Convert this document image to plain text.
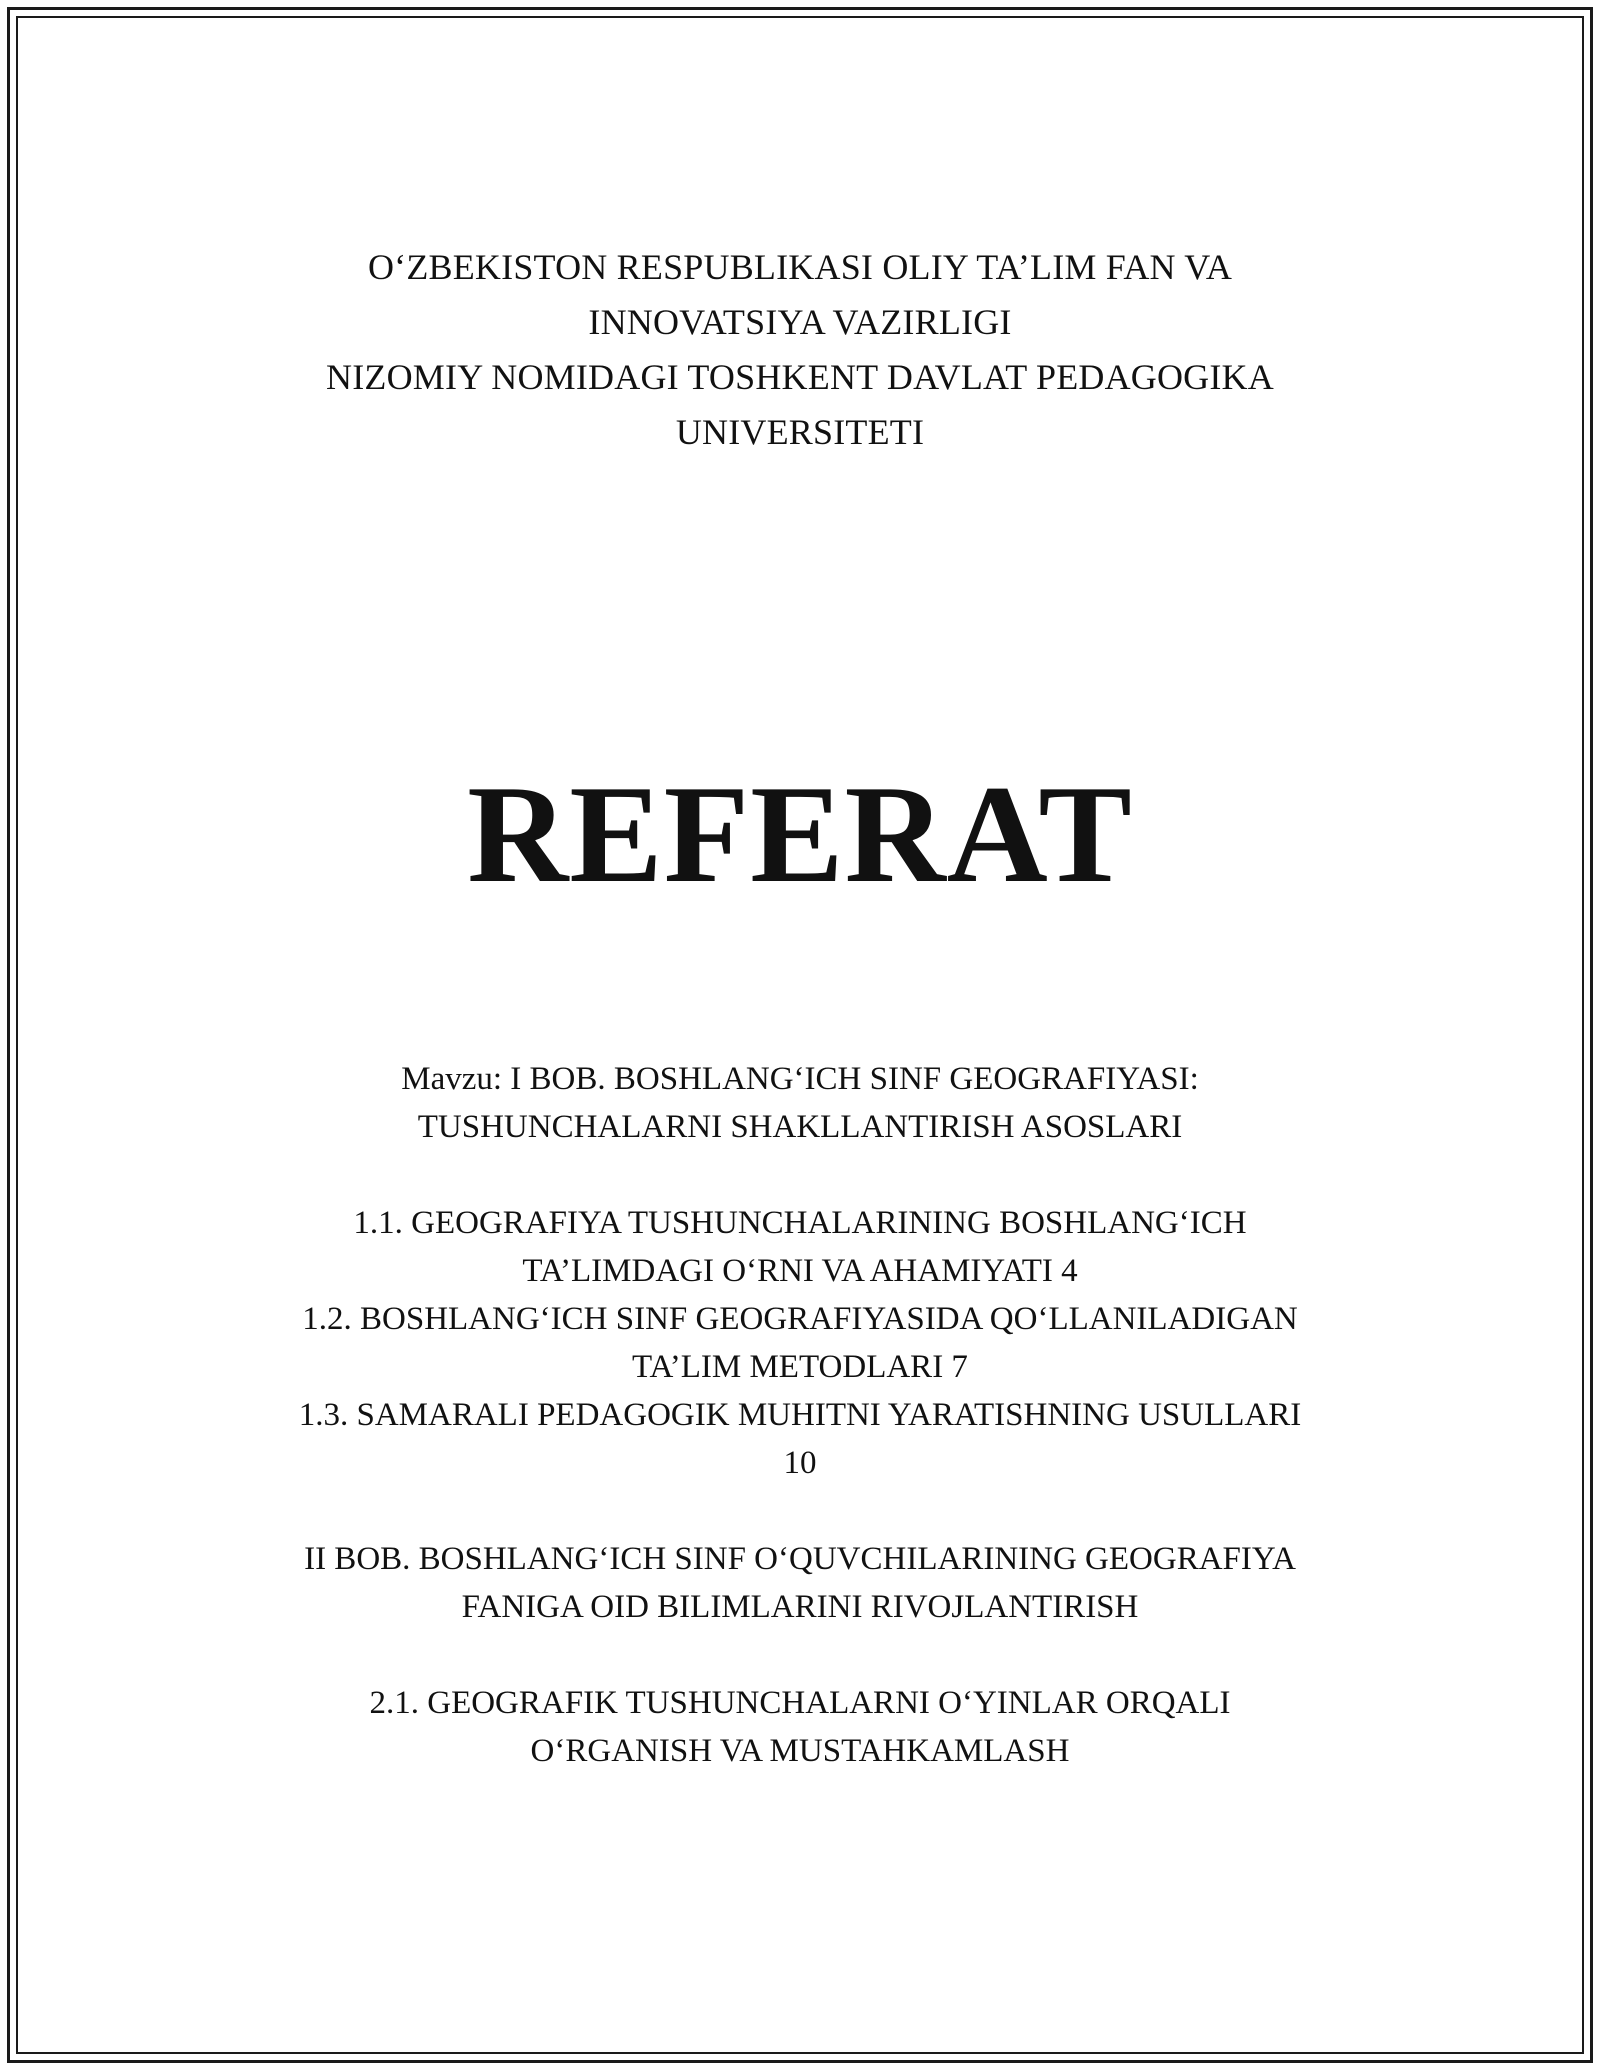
O‘ZBEKISTON RESPUBLIKASI OLIY TA’LIM FAN VA
INNOVATSIYA VAZIRLIGI
NIZOMIY NOMIDAGI TOSHKENT DAVLAT PEDAGOGIKA
UNIVERSITETI
REFERAT
Mavzu: I BOB. BOSHLANG‘ICH SINF GEOGRAFIYASI:
TUSHUNCHALARNI SHAKLLANTIRISH ASOSLARI
1.1. GEOGRAFIYA TUSHUNCHALARINING BOSHLANG‘ICH
TA’LIMDAGI O‘RNI VA AHAMIYATI 4
1.2. BOSHLANG‘ICH SINF GEOGRAFIYASIDA QO‘LLANILADIGAN
TA’LIM METODLARI 7
1.3. SAMARALI PEDAGOGIK MUHITNI YARATISHNING USULLARI
10
II BOB. BOSHLANG‘ICH SINF O‘QUVCHILARINING GEOGRAFIYA
FANIGA OID BILIMLARINI RIVOJLANTIRISH
2.1. GEOGRAFIK TUSHUNCHALARNI O‘YINLAR ORQALI
O‘RGANISH VA MUSTAHKAMLASH
